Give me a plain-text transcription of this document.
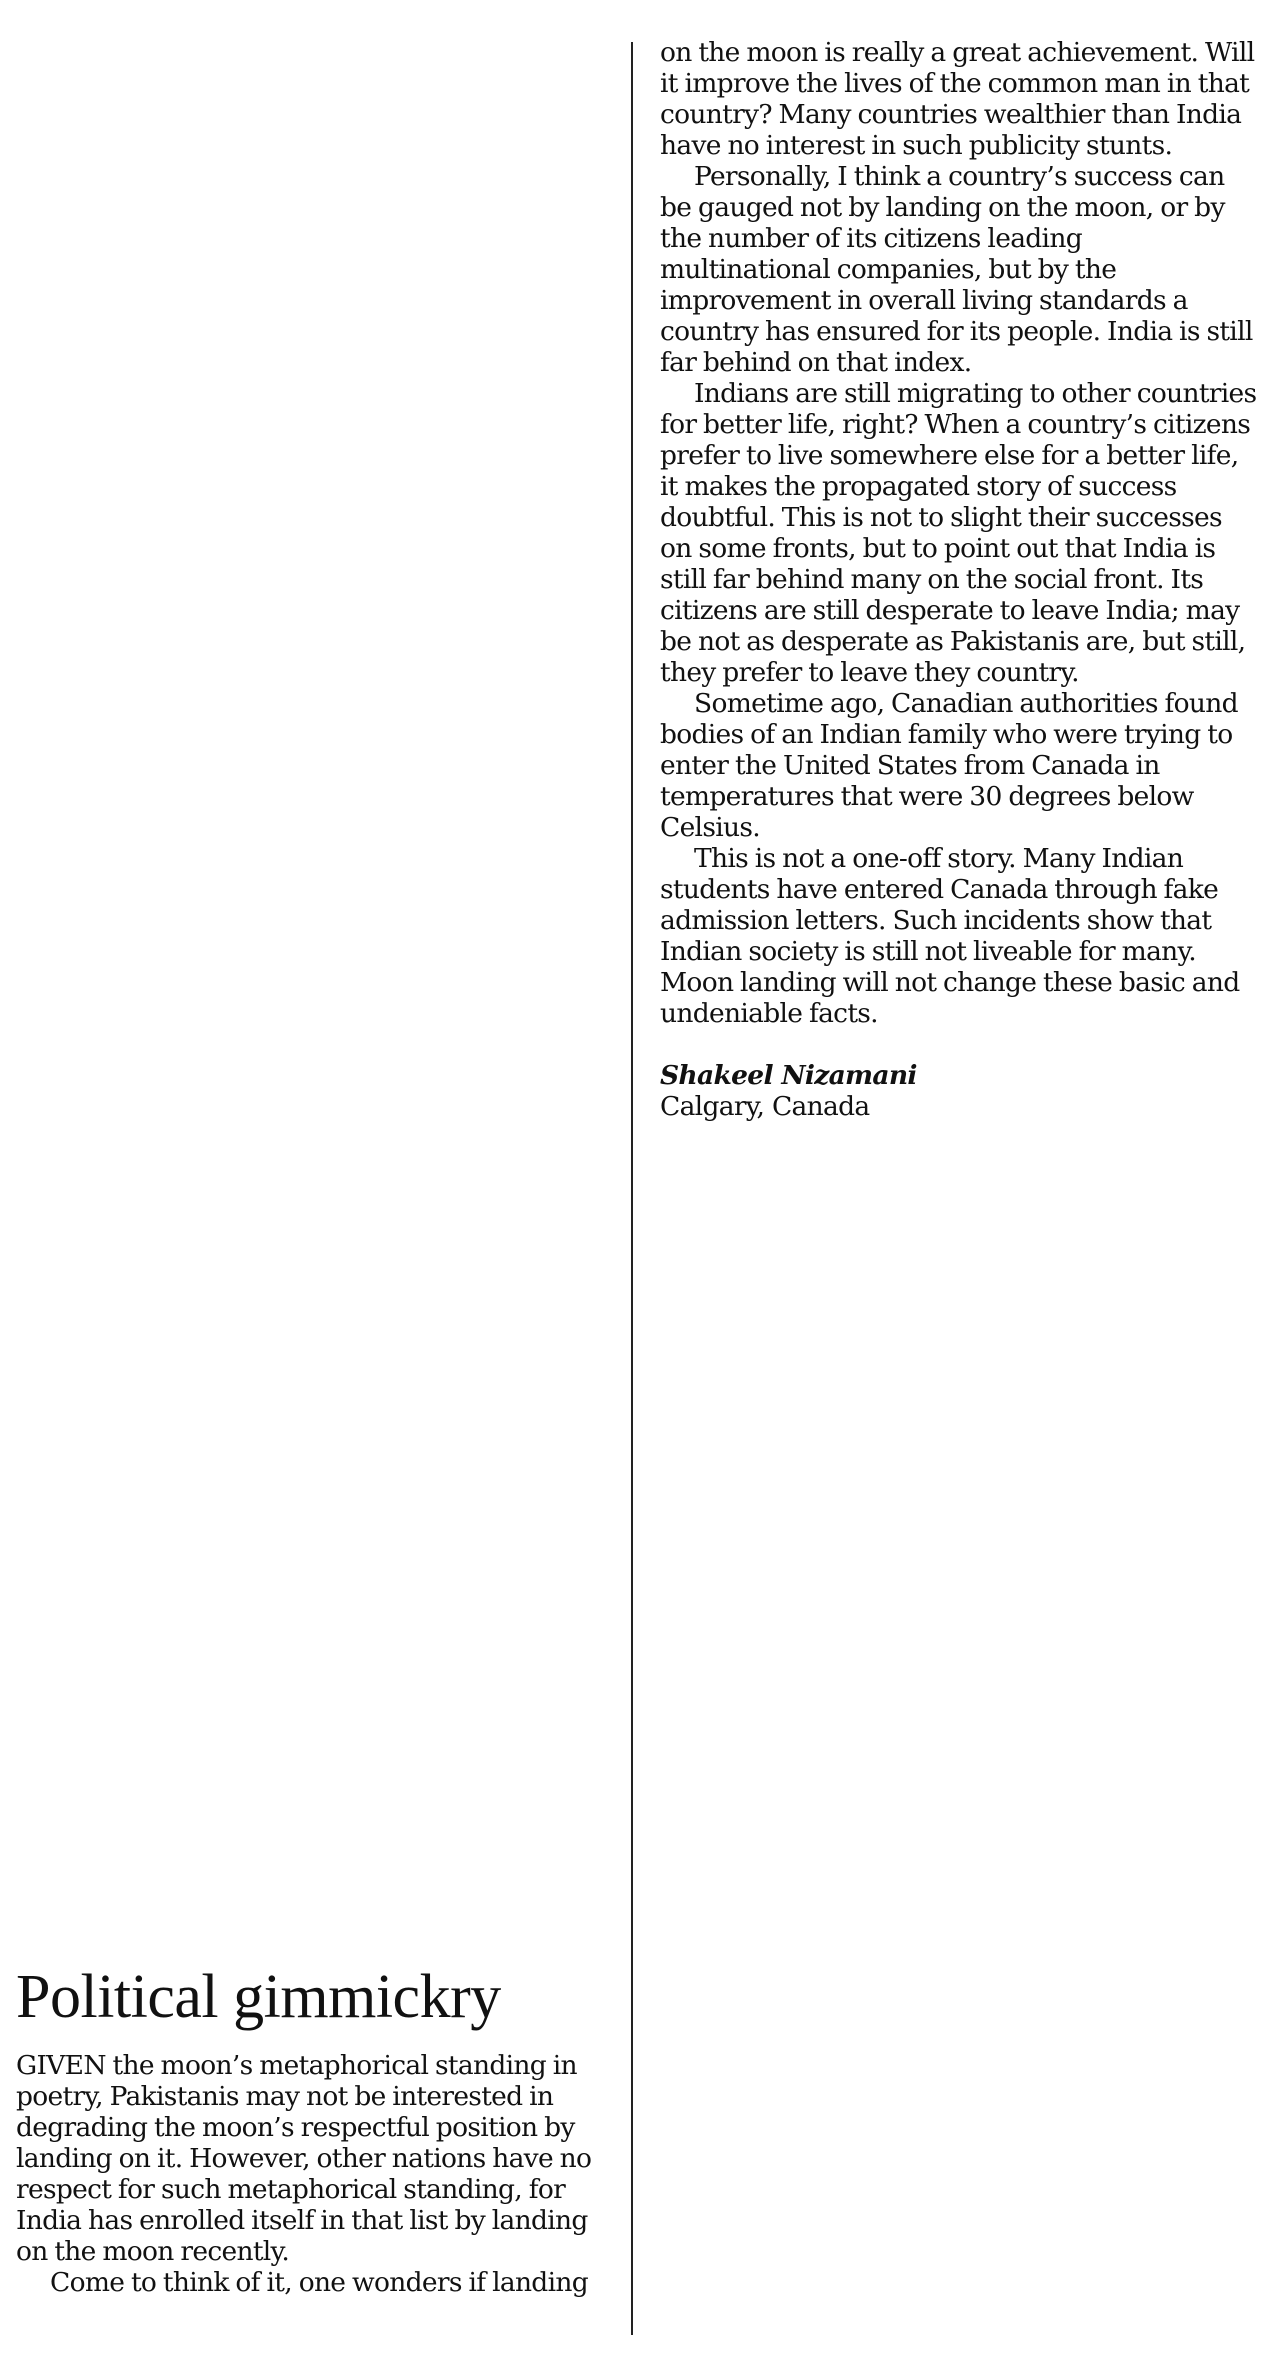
on the moon is really a great achievement. Will it improve the lives of the common man in that country? Many countries wealthier than India have no interest in such publicity stunts.

Personally, I think a country’s success can be gauged not by landing on the moon, or by the number of its citizens leading multinational companies, but by the improvement in overall living standards a country has ensured for its people. India is still far behind on that index.

Indians are still migrating to other countries for better life, right? When a country’s citizens prefer to live somewhere else for a better life, it makes the propagated story of success doubtful. This is not to slight their successes on some fronts, but to point out that India is still far behind many on the social front. Its citizens are still desperate to leave India; may be not as desperate as Pakistanis are, but still, they prefer to leave they country.

Sometime ago, Canadian authorities found bodies of an Indian family who were trying to enter the United States from Canada in temperatures that were 30 degrees below Celsius.

This is not a one-off story. Many Indian students have entered Canada through fake admission letters. Such incidents show that Indian society is still not liveable for many. Moon landing will not change these basic and undeniable facts.

Shakeel Nizamani
Calgary, Canada
Political gimmickry

GIVEN the moon’s metaphorical standing in poetry, Pakistanis may not be interested in degrading the moon’s respectful position by landing on it. However, other nations have no respect for such metaphorical standing, for India has enrolled itself in that list by landing on the moon recently.

Come to think of it, one wonders if landing
